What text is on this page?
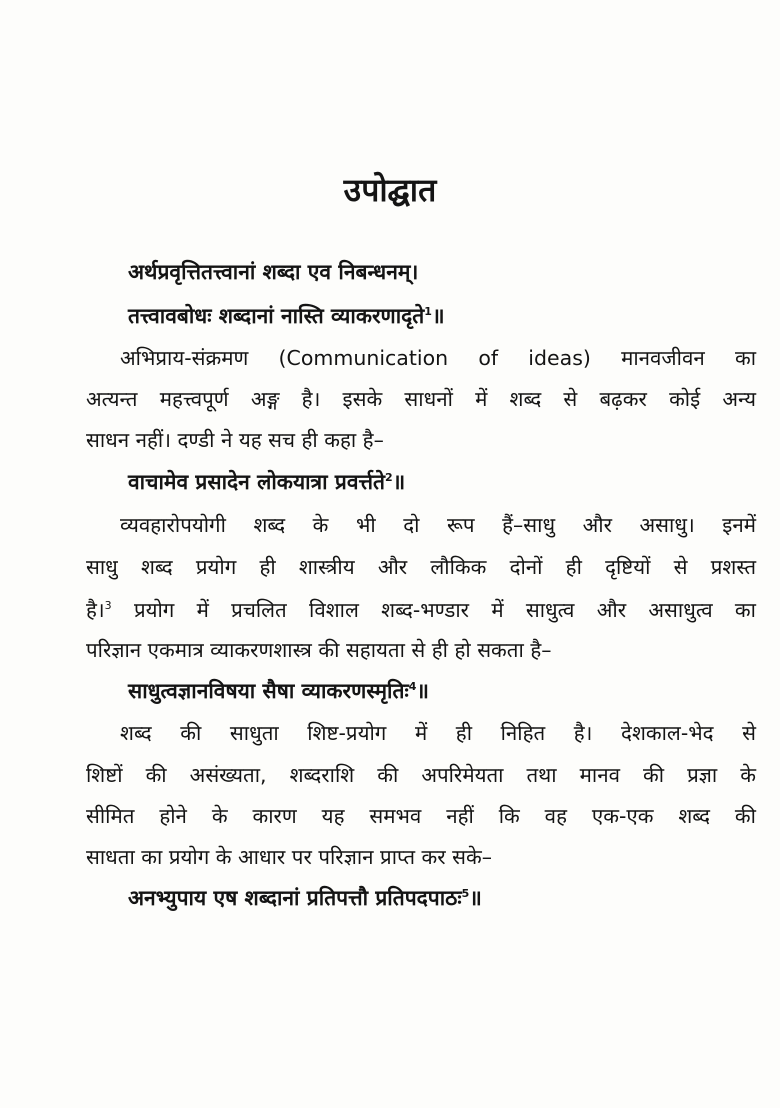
उपोद्घात
अर्थप्रवृत्तितत्त्वानां शब्दा एव निबन्धनम्।
तत्त्वावबोधः शब्दानां नास्ति व्याकरणादृते$^1$॥
अभिप्राय-संक्रमण (Communication of ideas) मानवजीवन का
अत्यन्त महत्त्वपूर्ण अङ्ग है। इसके साधनों में शब्द से बढ़कर कोई अन्य
साधन नहीं। दण्डी ने यह सच ही कहा है–
वाचामेव प्रसादेन लोकयात्रा प्रवर्त्तते$^2$॥
व्यवहारोपयोगी शब्द के भी दो रूप हैं–साधु और असाधु। इनमें
साधु शब्द प्रयोग ही शास्त्रीय और लौकिक दोनों ही दृष्टियों से प्रशस्त
है।$^3$ प्रयोग में प्रचलित विशाल शब्द-भण्डार में साधुत्व और असाधुत्व का
परिज्ञान एकमात्र व्याकरणशास्त्र की सहायता से ही हो सकता है–
साधुत्वज्ञानविषया सैषा व्याकरणस्मृतिः$^4$॥
शब्द की साधुता शिष्ट-प्रयोग में ही निहित है। देशकाल-भेद से
शिष्टों की असंख्यता, शब्दराशि की अपरिमेयता तथा मानव की प्रज्ञा के
सीमित होने के कारण यह समभव नहीं कि वह एक-एक शब्द की
साधता का प्रयोग के आधार पर परिज्ञान प्राप्त कर सके–
अनभ्युपाय एष शब्दानां प्रतिपत्तौ प्रतिपदपाठः$^5$॥
